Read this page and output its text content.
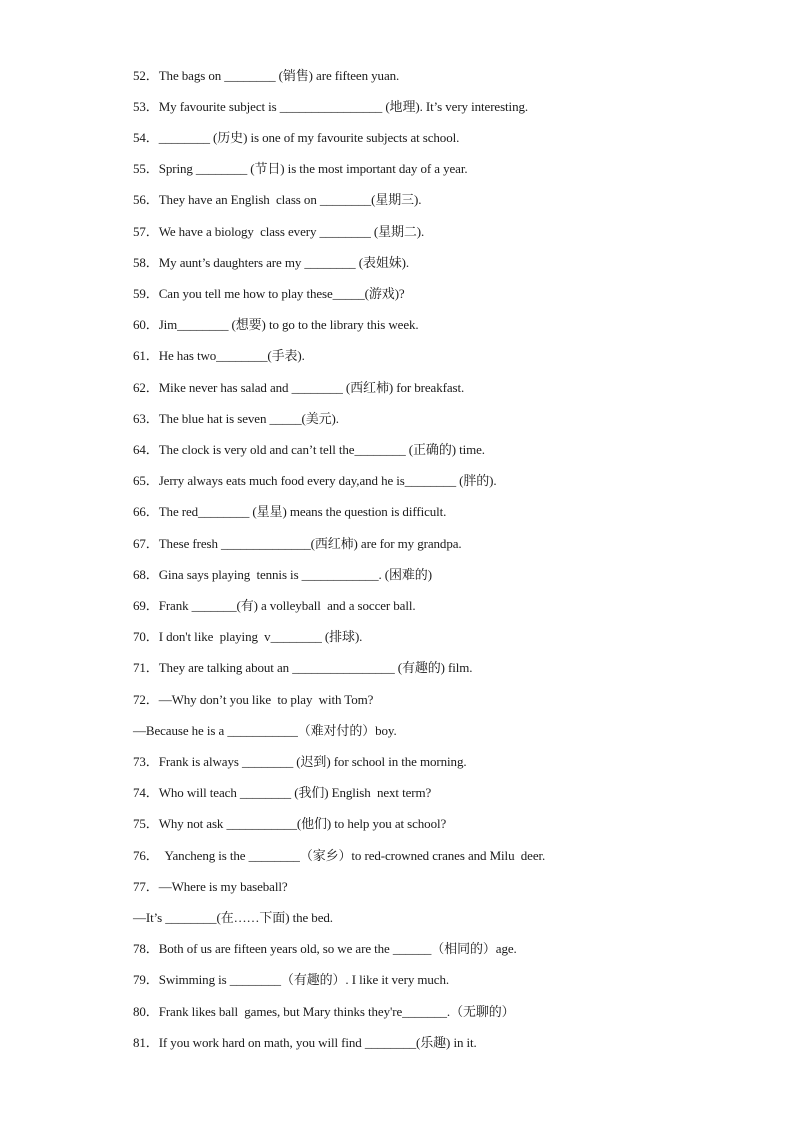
52．The bags on ________ (销售) are fifteen yuan.
53．My favourite subject is ________________ (地理). It’s very interesting.
54．________ (历史) is one of my favourite subjects at school.
55．Spring ________ (节日) is the most important day of a year.
56．They have an English  class on ________(星期三).
57．We have a biology  class every ________ (星期二).
58．My aunt’s daughters are my ________ (表姐妹).
59．Can you tell me how to play these_____(游戏)?
60．Jim________ (想要) to go to the library this week.
61．He has two________(手表).
62．Mike never has salad and ________ (西红柿) for breakfast.
63．The blue hat is seven _____(美元).
64．The clock is very old and can’t tell the________ (正确的) time.
65．Jerry always eats much food every day,and he is________ (胖的).
66．The red________ (星星) means the question is difficult.
67．These fresh ______________(西红柿) are for my grandpa.
68．Gina says playing  tennis is ____________. (困难的)
69．Frank _______(有) a volleyball  and a soccer ball.
70．I don't like  playing  v________ (排球).
71．They are talking about an ________________ (有趣的) film.
72．—Why don’t you like  to play  with Tom?
—Because he is a ___________（难对付的）boy.
73．Frank is always ________ (迟到) for school in the morning.
74．Who will teach ________ (我们) English  next term?
75．Why not ask ___________(他们) to help you at school?
76．  Yancheng is the ________（家乡）to red-crowned cranes and Milu  deer.
77．—Where is my baseball?
—It’s ________(在……下面) the bed.
78．Both of us are fifteen years old, so we are the ______（相同的）age.
79．Swimming is ________（有趣的）. I like it very much.
80．Frank likes ball  games, but Mary thinks they're_______.（无聊的）
81．If you work hard on math, you will find ________(乐趣) in it.
